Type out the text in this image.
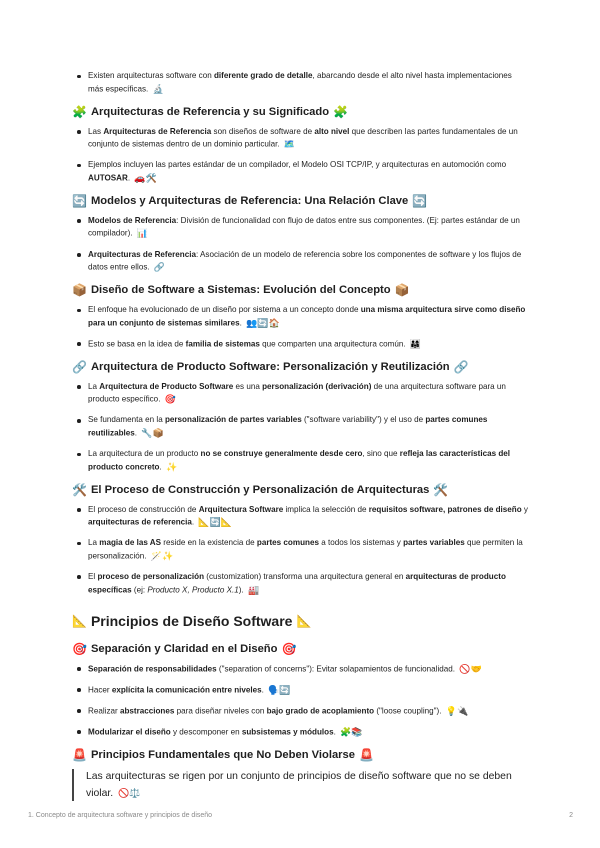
Existen arquitecturas software con diferente grado de detalle, abarcando desde el alto nivel hasta implementaciones más específicas. 🔬
🧩 Arquitecturas de Referencia y su Significado 🧩
Las Arquitecturas de Referencia son diseños de software de alto nivel que describen las partes fundamentales de un conjunto de sistemas dentro de un dominio particular. 🗺️
Ejemplos incluyen las partes estándar de un compilador, el Modelo OSI TCP/IP, y arquitecturas en automoción como AUTOSAR. 🚗🛠️
🔄 Modelos y Arquitecturas de Referencia: Una Relación Clave 🔄
Modelos de Referencia: División de funcionalidad con flujo de datos entre sus componentes. (Ej: partes estándar de un compilador). 📊
Arquitecturas de Referencia: Asociación de un modelo de referencia sobre los componentes de software y los flujos de datos entre ellos. 🔗
📦 Diseño de Software a Sistemas: Evolución del Concepto 📦
El enfoque ha evolucionado de un diseño por sistema a un concepto donde una misma arquitectura sirve como diseño para un conjunto de sistemas similares. 👥🔄🏠
Esto se basa en la idea de familia de sistemas que comparten una arquitectura común. 👨‍👩‍👧
🔗 Arquitectura de Producto Software: Personalización y Reutilización 🔗
La Arquitectura de Producto Software es una personalización (derivación) de una arquitectura software para un producto específico. 🎯
Se fundamenta en la personalización de partes variables ("software variability") y el uso de partes comunes reutilizables. 🔧📦
La arquitectura de un producto no se construye generalmente desde cero, sino que refleja las características del producto concreto. ✨
🛠️ El Proceso de Construcción y Personalización de Arquitecturas 🛠️
El proceso de construcción de Arquitectura Software implica la selección de requisitos software, patrones de diseño y arquitecturas de referencia. 📐🔄📐
La magia de las AS reside en la existencia de partes comunes a todos los sistemas y partes variables que permiten la personalización. 🪄✨
El proceso de personalización (customization) transforma una arquitectura general en arquitecturas de producto específicas (ej: Producto X, Producto X.1). 🏭
📐 Principios de Diseño Software 📐
🎯 Separación y Claridad en el Diseño 🎯
Separación de responsabilidades ("separation of concerns"): Evitar solapamientos de funcionalidad. 🚫🤝
Hacer explícita la comunicación entre niveles. 🗣️🔄
Realizar abstracciones para diseñar niveles con bajo grado de acoplamiento ("loose coupling"). 💡🔌
Modularizar el diseño y descomponer en subsistemas y módulos. 🧩📚
🚨 Principios Fundamentales que No Deben Violarse 🚨
Las arquitecturas se rigen por un conjunto de principios de diseño software que no se deben violar. 🚫⚖️
1. Concepto de arquitectura software y principios de diseño	2
